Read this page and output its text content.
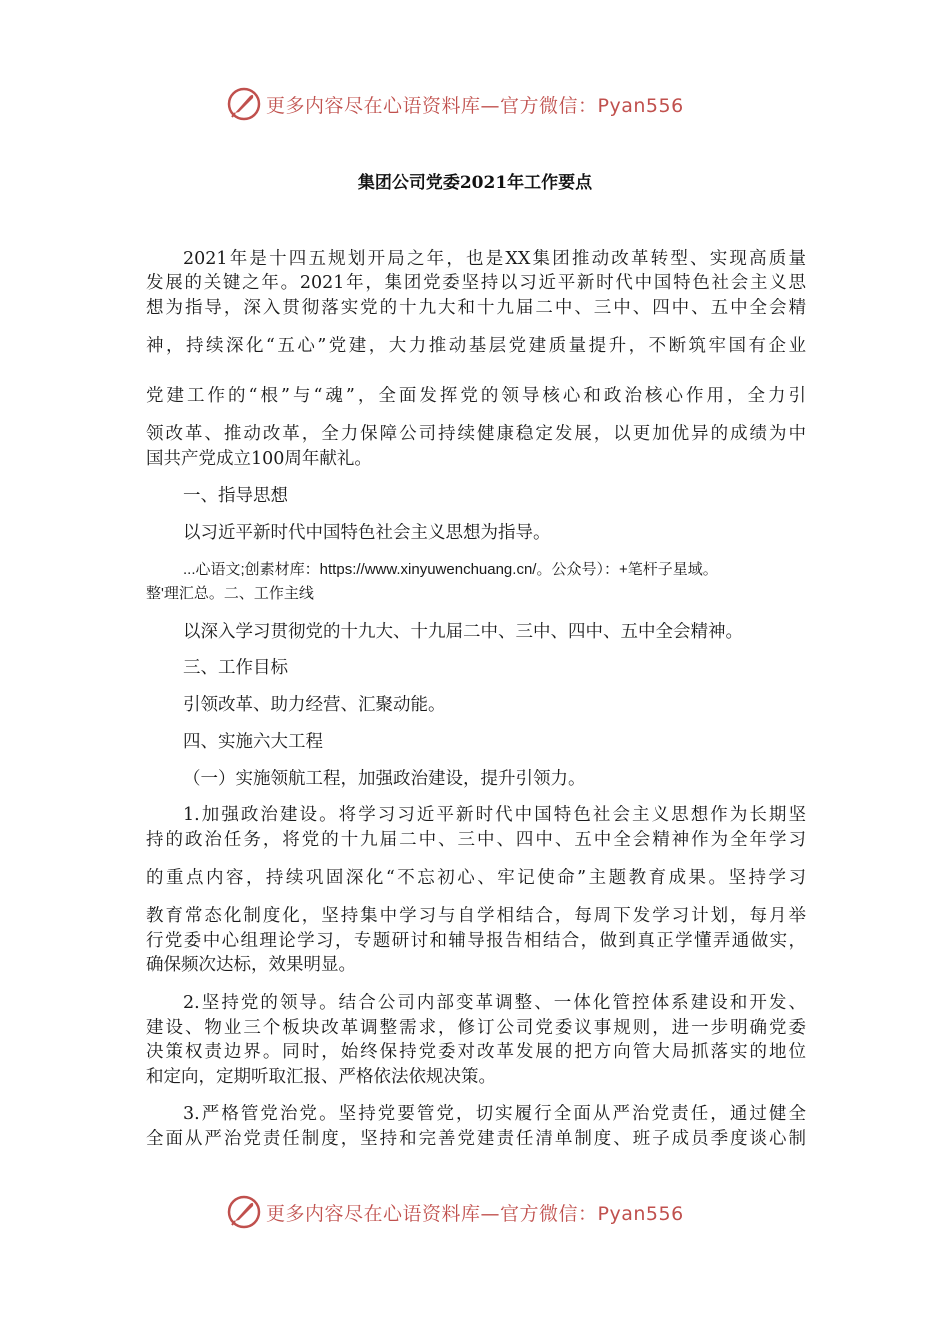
更多内容尽在心语资料库—官方微信：Pyan556
集团公司党委2021年工作要点
2021年是十四五规划开局之年，也是XX集团推动改革转型、实现高质量
发展的关键之年。2021年，集团党委坚持以习近平新时代中国特色社会主义思
想为指导，深入贯彻落实党的十九大和十九届二中、三中、四中、五中全会精
神，持续深化“五心”党建，大力推动基层党建质量提升，不断筑牢国有企业
党建工作的“根”与“魂”，全面发挥党的领导核心和政治核心作用，全力引
领改革、推动改革，全力保障公司持续健康稳定发展，以更加优异的成绩为中
国共产党成立100周年献礼。
一、指导思想
以习近平新时代中国特色社会主义思想为指导。
...心语文;创素材库：https://www.xinyuwenchuang.cn/。公众号）：+笔杆子星域。
整'理汇总。二、工作主线
以深入学习贯彻党的十九大、十九届二中、三中、四中、五中全会精神。
三、工作目标
引领改革、助力经营、汇聚动能。
四、实施六大工程
（一）实施领航工程，加强政治建设，提升引领力。
1.加强政治建设。将学习习近平新时代中国特色社会主义思想作为长期坚
持的政治任务，将党的十九届二中、三中、四中、五中全会精神作为全年学习
的重点内容，持续巩固深化“不忘初心、牢记使命”主题教育成果。坚持学习
教育常态化制度化，坚持集中学习与自学相结合，每周下发学习计划，每月举
行党委中心组理论学习，专题研讨和辅导报告相结合，做到真正学懂弄通做实，
确保频次达标，效果明显。
2.坚持党的领导。结合公司内部变革调整、一体化管控体系建设和开发、
建设、物业三个板块改革调整需求，修订公司党委议事规则，进一步明确党委
决策权责边界。同时，始终保持党委对改革发展的把方向管大局抓落实的地位
和定向，定期听取汇报、严格依法依规决策。
3.严格管党治党。坚持党要管党，切实履行全面从严治党责任，通过健全
全面从严治党责任制度，坚持和完善党建责任清单制度、班子成员季度谈心制
更多内容尽在心语资料库—官方微信：Pyan556
